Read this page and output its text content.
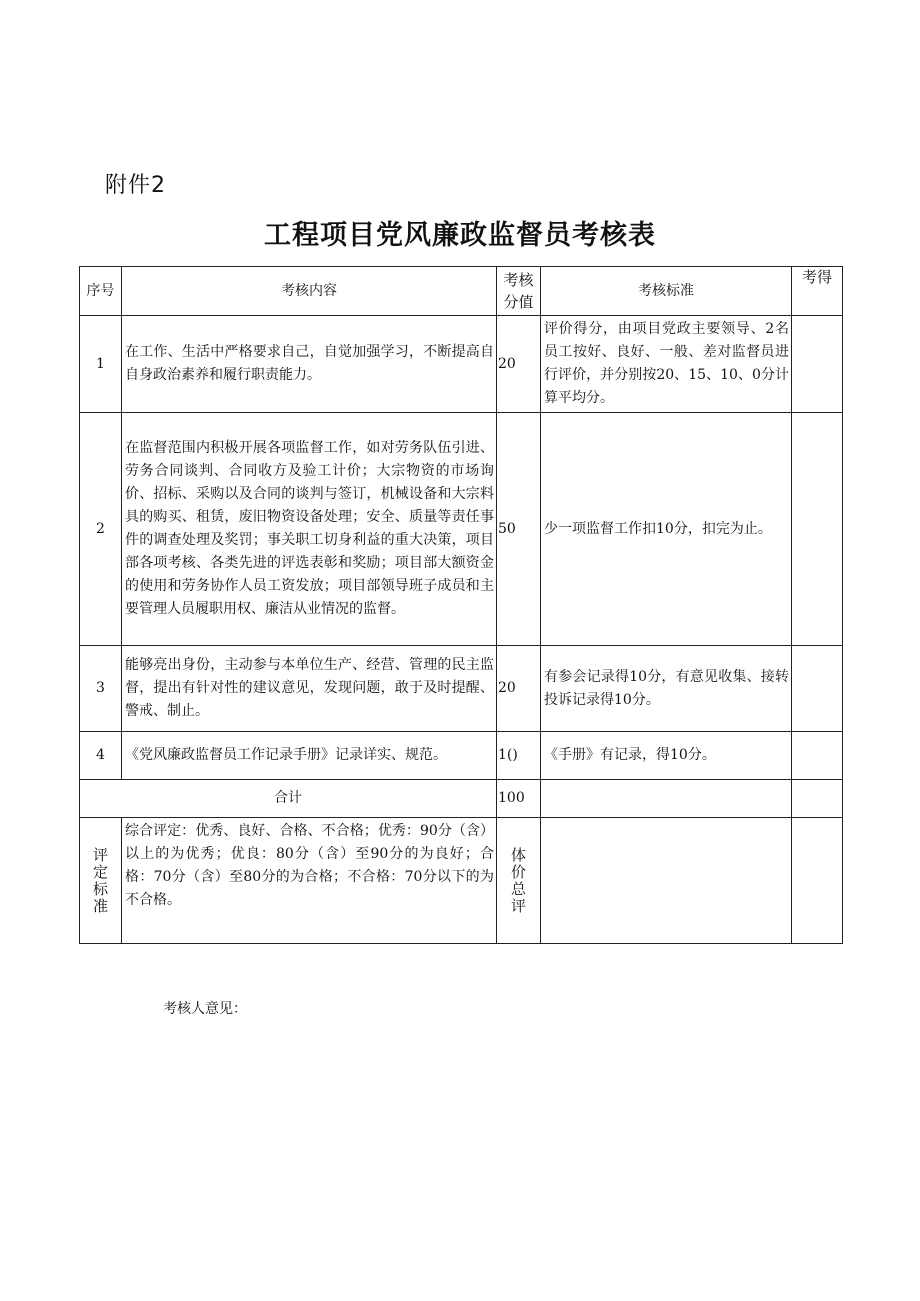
附件2
工程项目党风廉政监督员考核表
序号	考核内容	考核分值	考核标准	考得
1	在工作、生活中严格要求自己，自觉加强学习，不断提高自自身政治素养和履行职责能力。	20	评价得分，由项目党政主要领导、2名员工按好、良好、一般、差对监督员进行评价，并分别按20、15、10、0分计算平均分。	
2	在监督范围内积极开展各项监督工作，如对劳务队伍引进、劳务合同谈判、合同收方及验工计价；大宗物资的市场询价、招标、采购以及合同的谈判与签订，机械设备和大宗料具的购买、租赁，废旧物资设备处理；安全、质量等责任事件的调查处理及奖罚；事关职工切身利益的重大决策，项目部各项考核、各类先进的评选表彰和奖励；项目部大额资金的使用和劳务协作人员工资发放；项目部领导班子成员和主要管理人员履职用权、廉洁从业情况的监督。	50	少一项监督工作扣10分，扣完为止。	
3	能够亮出身份，主动参与本单位生产、经营、管理的民主监督，提出有针对性的建议意见，发现问题，敢于及时提醒、警戒、制止。	20	有参会记录得10分，有意见收集、接转投诉记录得10分。	
4	《党风廉政监督员工作记录手册》记录详实、规范。	1()	《手册》有记录，得10分。	
合计		100		

评定标准	综合评定：优秀、良好、合格、不合格；优秀：90分（含）以上的为优秀；优良：80分（含）至90分的为良好；合格：70分（含）至80分的为合格；不合格：70分以下的为不合格。	体价总评		

考核人意见：
